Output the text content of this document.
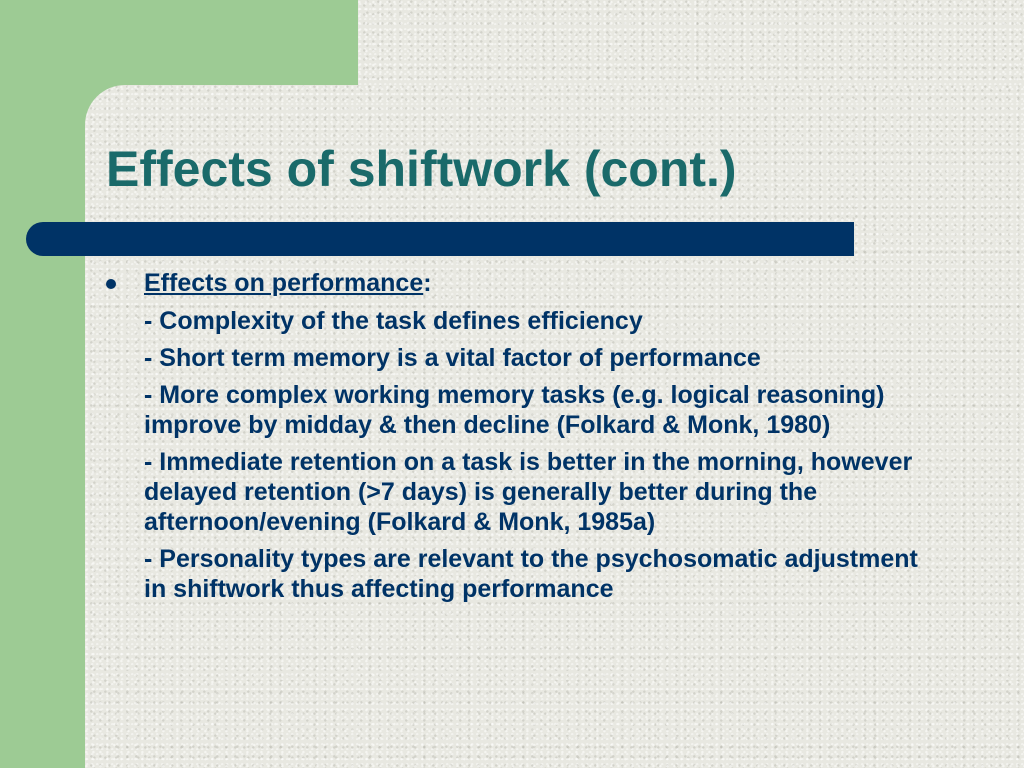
Effects of shiftwork (cont.)

Effects on performance:

- Complexity of the task defines efficiency

- Short term memory is a vital factor of performance

- More complex working memory tasks (e.g. logical reasoning) improve by midday & then decline (Folkard & Monk, 1980)

- Immediate retention on a task is better in the morning, however delayed retention (>7 days) is generally better during the afternoon/evening (Folkard & Monk, 1985a)

- Personality types are relevant to the psychosomatic adjustment in shiftwork thus affecting performance
